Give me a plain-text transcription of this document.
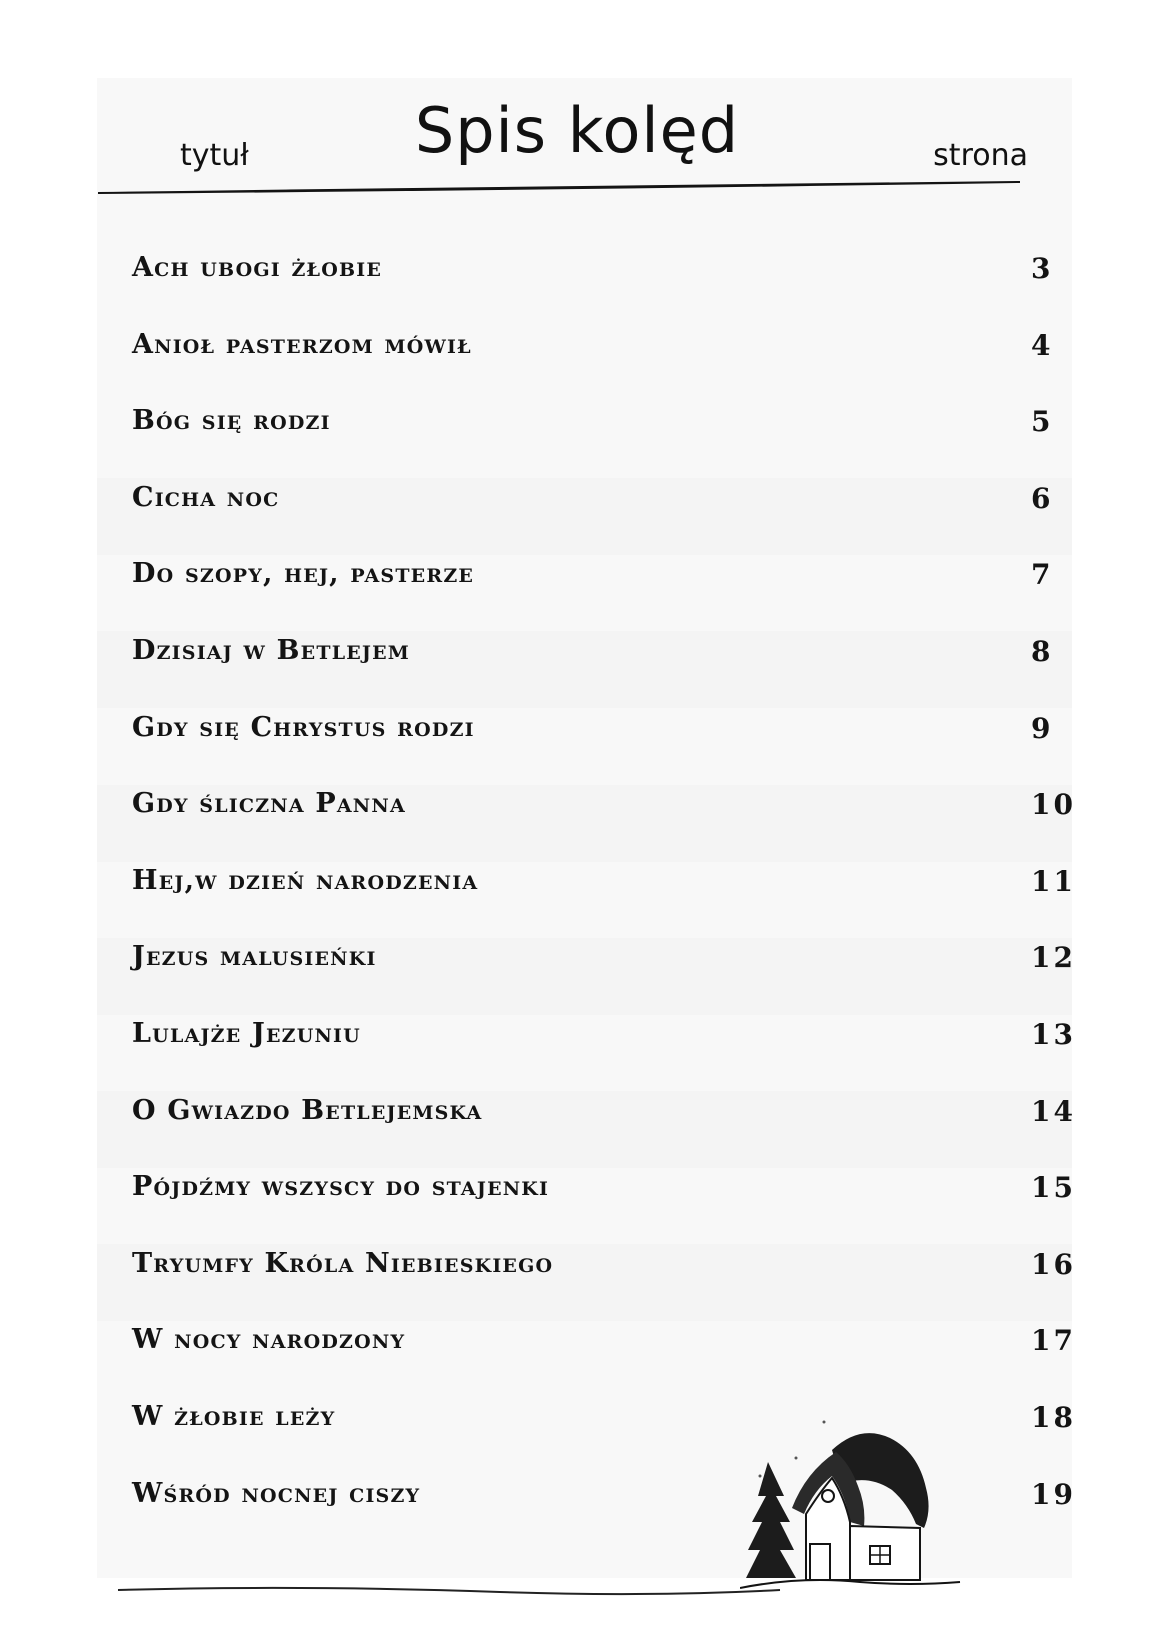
Spis kolęd
tytuł	strona
Ach ubogi żłobie	3
Anioł pasterzom mówił	4
Bóg się rodzi	5
Cicha noc	6
Do szopy, hej, pasterze	7
Dzisiaj w Betlejem	8
Gdy się Chrystus rodzi	9
Gdy śliczna Panna	10
Hej,w dzień narodzenia	11
Jezus malusieńki	12
Lulajże Jezuniu	13
O Gwiazdo Betlejemska	14
Pójdźmy wszyscy do stajenki	15
Tryumfy Króla Niebieskiego	16
W nocy narodzony	17
W żłobie leży	18
Wśród nocnej ciszy	19
